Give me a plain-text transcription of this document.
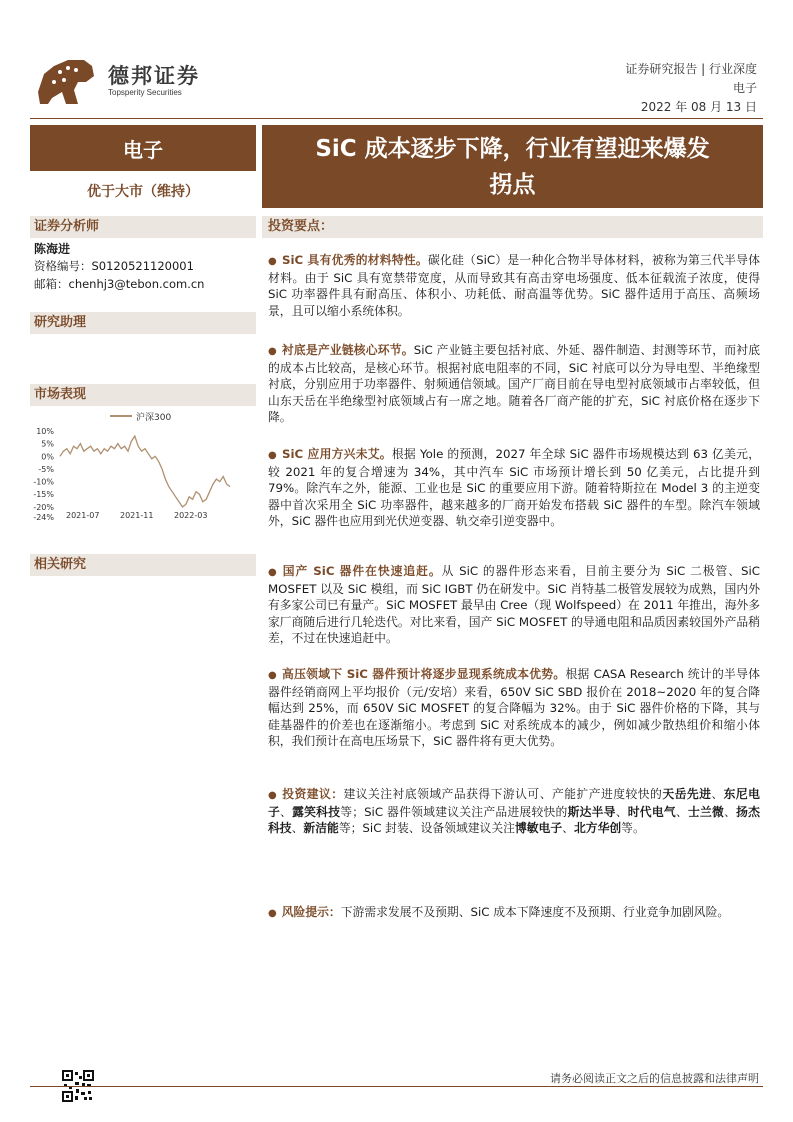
德邦证券
Topsperity Securities
证券研究报告 | 行业深度
电子
2022 年 08 月 13 日
电子
优于大市（维持）
证券分析师
陈海进
资格编号：S0120521120001
邮箱：chenhj3@tebon.com.cn
研究助理
市场表现
沪深300
10%
5%
0%
-5%
-10%
-15%
-20%
-24% 2021-07	2021-11	2022-03
相关研究
SiC 成本逐步下降，行业有望迎来爆发
拐点
投资要点：
● SiC 具有优秀的材料特性。碳化硅（SiC）是一种化合物半导体材料，被称为第三代半导体材料。由于 SiC 具有宽禁带宽度，从而导致其有高击穿电场强度、低本征载流子浓度，使得 SiC 功率器件具有耐高压、体积小、功耗低、耐高温等优势。SiC 器件适用于高压、高频场景，且可以缩小系统体积。
● 衬底是产业链核心环节。SiC 产业链主要包括衬底、外延、器件制造、封测等环节，而衬底的成本占比较高，是核心环节。根据衬底电阻率的不同，SiC 衬底可以分为导电型、半绝缘型衬底，分别应用于功率器件、射频通信领域。国产厂商目前在导电型衬底领域市占率较低，但山东天岳在半绝缘型衬底领域占有一席之地。随着各厂商产能的扩充，SiC 衬底价格在逐步下降。
● SiC 应用方兴未艾。根据 Yole 的预测，2027 年全球 SiC 器件市场规模达到 63 亿美元，较 2021 年的复合增速为 34%，其中汽车 SiC 市场预计增长到 50 亿美元，占比提升到 79%。除汽车之外，能源、工业也是 SiC 的重要应用下游。随着特斯拉在 Model 3 的主逆变器中首次采用全 SiC 功率器件，越来越多的厂商开始发布搭载 SiC 器件的车型。除汽车领域外，SiC 器件也应用到光伏逆变器、轨交牵引逆变器中。
● 国产 SiC 器件在快速追赶。从 SiC 的器件形态来看，目前主要分为 SiC 二极管、SiC MOSFET 以及 SiC 模组，而 SiC IGBT 仍在研发中。SiC 肖特基二极管发展较为成熟，国内外有多家公司已有量产。SiC MOSFET 最早由 Cree（现 Wolfspeed）在 2011 年推出，海外多家厂商随后进行几轮迭代。对比来看，国产 SiC MOSFET 的导通电阻和品质因素较国外产品稍差，不过在快速追赶中。
● 高压领域下 SiC 器件预计将逐步显现系统成本优势。根据 CASA Research 统计的半导体器件经销商网上平均报价（元/安培）来看，650V SiC SBD 报价在 2018~2020 年的复合降幅达到 25%，而 650V SiC MOSFET 的复合降幅为 32%。由于 SiC 器件价格的下降，其与硅基器件的价差也在逐渐缩小。考虑到 SiC 对系统成本的减少，例如减少散热组价和缩小体积，我们预计在高电压场景下，SiC 器件将有更大优势。
● 投资建议：建议关注衬底领域产品获得下游认可、产能扩产进度较快的天岳先进、东尼电子、露笑科技等；SiC 器件领域建议关注产品进展较快的斯达半导、时代电气、士兰微、扬杰科技、新洁能等；SiC 封装、设备领域建议关注博敏电子、北方华创等。
● 风险提示：下游需求发展不及预期、SiC 成本下降速度不及预期、行业竞争加剧风险。
请务必阅读正文之后的信息披露和法律声明
